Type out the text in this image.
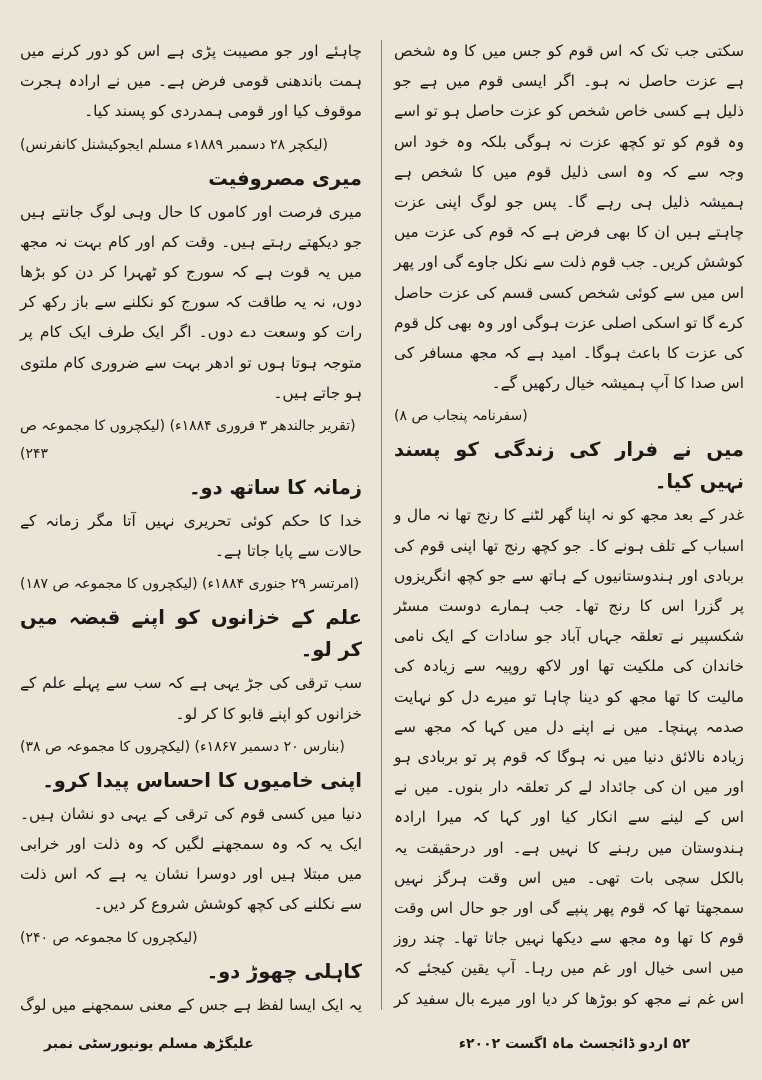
سکتی جب تک کہ اس قوم کو جس میں کا وہ شخص ہے عزت حاصل نہ ہو۔ اگر ایسی قوم میں ہے جو ذلیل ہے کسی خاص شخص کو عزت حاصل ہو تو اسے وہ قوم کو تو کچھ عزت نہ ہوگی بلکہ وہ خود اس وجہ سے کہ وہ اسی ذلیل قوم میں کا شخص ہے ہمیشہ ذلیل ہی رہے گا۔ پس جو لوگ اپنی عزت چاہتے ہیں ان کا بھی فرض ہے کہ قوم کی عزت میں کوشش کریں۔ جب قوم ذلت سے نکل جاوے گی اور پھر اس میں سے کوئی شخص کسی قسم کی عزت حاصل کرے گا تو اسکی اصلی عزت ہوگی اور وہ بھی کل قوم کی عزت کا باعث ہوگا۔ امید ہے کہ مجھ مسافر کی اس صدا کا آپ ہمیشہ خیال رکھیں گے۔

(سفرنامہ پنجاب ص ۸)

میں نے فرار کی زندگی کو پسند نہیں کیا۔

غدر کے بعد مجھ کو نہ اپنا گھر لٹنے کا رنج تھا نہ مال و اسباب کے تلف ہونے کا۔ جو کچھ رنج تھا اپنی قوم کی بربادی اور ہندوستانیوں کے ہاتھ سے جو کچھ انگریزوں پر گزرا اس کا رنج تھا۔ جب ہمارے دوست مسٹر شکسپیر نے تعلقہ جہاں آباد جو سادات کے ایک نامی خاندان کی ملکیت تھا اور لاکھ روپیہ سے زیادہ کی مالیت کا تھا مجھ کو دینا چاہا تو میرے دل کو نہایت صدمہ پہنچا۔ میں نے اپنے دل میں کہا کہ مجھ سے زیادہ نالائق دنیا میں نہ ہوگا کہ قوم پر تو بربادی ہو اور میں ان کی جائداد لے کر تعلقہ دار بنوں۔ میں نے اس کے لینے سے انکار کیا اور کہا کہ میرا ارادہ ہندوستان میں رہنے کا نہیں ہے۔ اور درحقیقت یہ بالکل سچی بات تھی۔ میں اس وقت ہرگز نہیں سمجھتا تھا کہ قوم پھر پنپے گی اور جو حال اس وقت قوم کا تھا وہ مجھ سے دیکھا نہیں جاتا تھا۔ چند روز میں اسی خیال اور غم میں رہا۔ آپ یقین کیجئے کہ اس غم نے مجھ کو بوڑھا کر دیا اور میرے بال سفید کر

چاہئے اور جو مصیبت پڑی ہے اس کو دور کرنے میں ہمت باندھنی قومی فرض ہے۔ میں نے ارادہ ہجرت موقوف کیا اور قومی ہمدردی کو پسند کیا۔

(لیکچر ۲۸ دسمبر ۱۸۸۹ء مسلم ایجوکیشنل کانفرنس)

میری مصروفیت

میری فرصت اور کاموں کا حال وہی لوگ جانتے ہیں جو دیکھتے رہتے ہیں۔ وقت کم اور کام بہت نہ مجھ میں یہ قوت ہے کہ سورج کو ٹھہرا کر دن کو بڑھا دوں، نہ یہ طاقت کہ سورج کو نکلنے سے باز رکھ کر رات کو وسعت دے دوں۔ اگر ایک طرف ایک کام پر متوجہ ہوتا ہوں تو ادھر بہت سے ضروری کام ملتوی ہو جاتے ہیں۔

(تقریر جالندھر ۳ فروری ۱۸۸۴ء) (لیکچروں کا مجموعہ ص ۲۴۳)

زمانہ کا ساتھ دو۔

خدا کا حکم کوئی تحریری نہیں آتا مگر زمانہ کے حالات سے پایا جاتا ہے۔

(امرتسر ۲۹ جنوری ۱۸۸۴ء) (لیکچروں کا مجموعہ ص ۱۸۷)

علم کے خزانوں کو اپنے قبضہ میں کر لو۔

سب ترقی کی جڑ یہی ہے کہ سب سے پہلے علم کے خزانوں کو اپنے قابو کا کر لو۔

(بنارس ۲۰ دسمبر ۱۸۶۷ء) (لیکچروں کا مجموعہ ص ۳۸)

اپنی خامیوں کا احساس پیدا کرو۔

دنیا میں کسی قوم کی ترقی کے یہی دو نشان ہیں۔ ایک یہ کہ وہ سمجھنے لگیں کہ وہ ذلت اور خرابی میں مبتلا ہیں اور دوسرا نشان یہ ہے کہ اس ذلت سے نکلنے کی کچھ کوشش شروع کر دیں۔

(لیکچروں کا مجموعہ ص ۲۴۰)

کاہلی چھوڑ دو۔

یہ ایک ایسا لفظ ہے جس کے معنی سمجھنے میں لوگ

۵۲ اردو ڈائجسٹ ماہ اگست ۲۰۰۲ء
علیگڑھ مسلم یونیورسٹی نمبر
